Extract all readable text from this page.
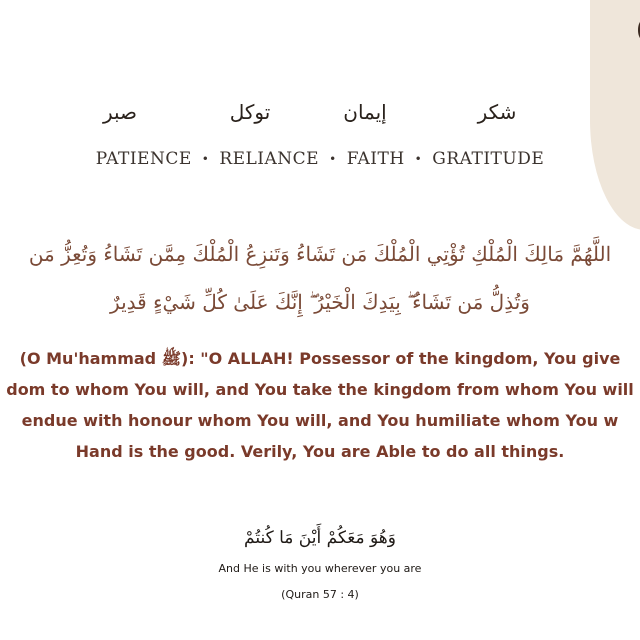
صبر	توكل	إيمان	شكر
PATIENCE • RELIANCE • FAITH • GRATITUDE
اللَّهُمَّ مَالِكَ الْمُلْكِ تُؤْتِي الْمُلْكَ مَن تَشَاءُ وَتَنزِعُ الْمُلْكَ مِمَّن تَشَاءُ وَتُعِزُّ مَن
وَتُذِلُّ مَن تَشَاءُ ۖ بِيَدِكَ الْخَيْرُ ۖ إِنَّكَ عَلَىٰ كُلِّ شَيْءٍ قَدِيرٌ
(O Mu'hammad ﷺ): "O ALLAH! Possessor of the kingdom, You give
dom to whom You will, and You take the kingdom from whom You will
endue with honour whom You will, and You humiliate whom You w
Hand is the good. Verily, You are Able to do all things.
وَهُوَ مَعَكُمْ أَيْنَ مَا كُنتُمْ
And He is with you wherever you are
(Quran 57 : 4)
